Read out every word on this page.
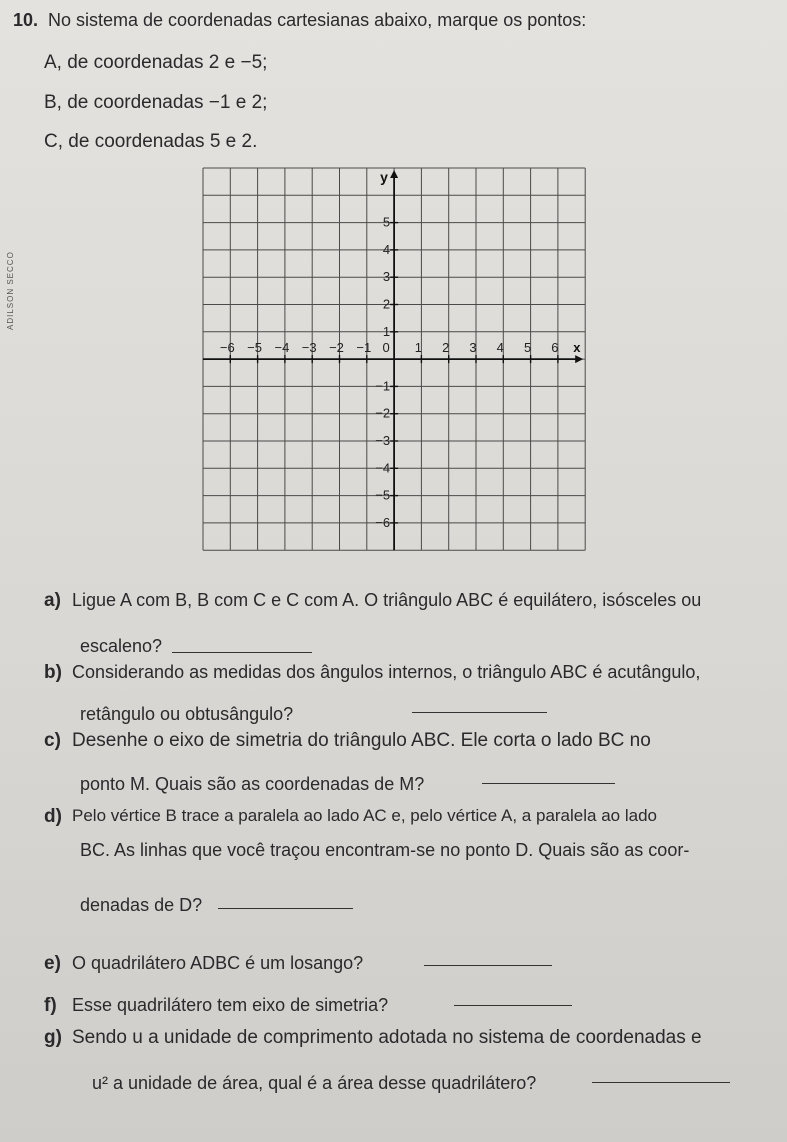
10. No sistema de coordenadas cartesianas abaixo, marque os pontos:
A, de coordenadas 2 e −5;
B, de coordenadas −1 e 2;
C, de coordenadas 5 e 2.
ADILSON SECCO
−6 −5 −4 −3 −2 −1 0 1 2 3 4 5 6
5
4
3
2
1
−1
−2
−3
−4
−5
−6
x
y
a) Ligue A com B, B com C e C com A. O triângulo ABC é equilátero, isósceles ou
escaleno?
b) Considerando as medidas dos ângulos internos, o triângulo ABC é acutângulo,
retângulo ou obtusângulo?
c) Desenhe o eixo de simetria do triângulo ABC. Ele corta o lado BC no
ponto M. Quais são as coordenadas de M?
d) Pelo vértice B trace a paralela ao lado AC e, pelo vértice A, a paralela ao lado
BC. As linhas que você traçou encontram-se no ponto D. Quais são as coor-
denadas de D?
e) O quadrilátero ADBC é um losango?
f) Esse quadrilátero tem eixo de simetria?
g) Sendo u a unidade de comprimento adotada no sistema de coordenadas e
u² a unidade de área, qual é a área desse quadrilátero?
